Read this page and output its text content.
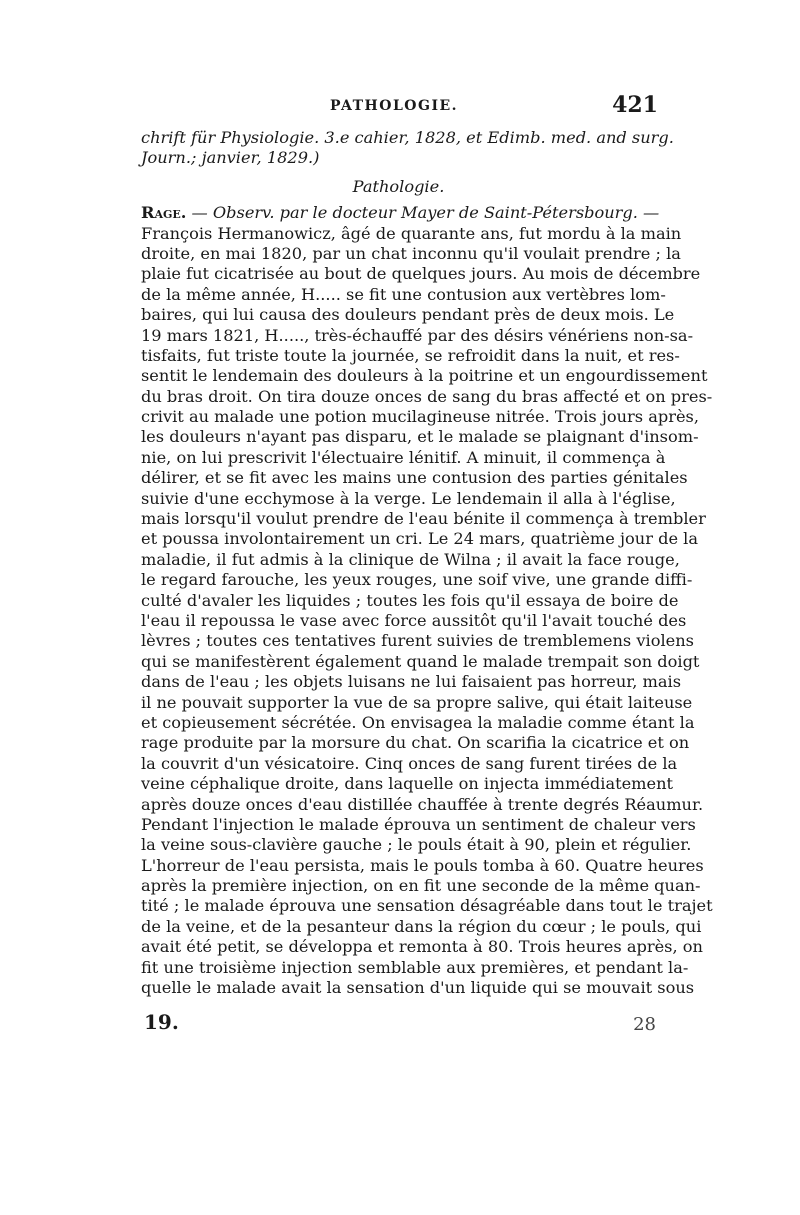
PATHOLOGIE.	421
chrift für Physiologie. 3.e cahier, 1828, et Edimb. med. and surg.
Journ.; janvier, 1829.)
Pathologie.
Rage. — Observ. par le docteur Mayer de Saint-Pétersbourg. —
François Hermanowicz, âgé de quarante ans, fut mordu à la main
droite, en mai 1820, par un chat inconnu qu'il voulait prendre ; la
plaie fut cicatrisée au bout de quelques jours. Au mois de décembre
de la même année, H..... se fit une contusion aux vertèbres lom-
baires, qui lui causa des douleurs pendant près de deux mois. Le
19 mars 1821, H....., très-échauffé par des désirs vénériens non-sa-
tisfaits, fut triste toute la journée, se refroidit dans la nuit, et res-
sentit le lendemain des douleurs à la poitrine et un engourdissement
du bras droit. On tira douze onces de sang du bras affecté et on pres-
crivit au malade une potion mucilagineuse nitrée. Trois jours après,
les douleurs n'ayant pas disparu, et le malade se plaignant d'insom-
nie, on lui prescrivit l'électuaire lénitif. A minuit, il commença à
délirer, et se fit avec les mains une contusion des parties génitales
suivie d'une ecchymose à la verge. Le lendemain il alla à l'église,
mais lorsqu'il voulut prendre de l'eau bénite il commença à trembler
et poussa involontairement un cri. Le 24 mars, quatrième jour de la
maladie, il fut admis à la clinique de Wilna ; il avait la face rouge,
le regard farouche, les yeux rouges, une soif vive, une grande diffi-
culté d'avaler les liquides ; toutes les fois qu'il essaya de boire de
l'eau il repoussa le vase avec force aussitôt qu'il l'avait touché des
lèvres ; toutes ces tentatives furent suivies de tremblemens violens
qui se manifestèrent également quand le malade trempait son doigt
dans de l'eau ; les objets luisans ne lui faisaient pas horreur, mais
il ne pouvait supporter la vue de sa propre salive, qui était laiteuse
et copieusement sécrétée. On envisagea la maladie comme étant la
rage produite par la morsure du chat. On scarifia la cicatrice et on
la couvrit d'un vésicatoire. Cinq onces de sang furent tirées de la
veine céphalique droite, dans laquelle on injecta immédiatement
après douze onces d'eau distillée chauffée à trente degrés Réaumur.
Pendant l'injection le malade éprouva un sentiment de chaleur vers
la veine sous-clavière gauche ; le pouls était à 90, plein et régulier.
L'horreur de l'eau persista, mais le pouls tomba à 60. Quatre heures
après la première injection, on en fit une seconde de la même quan-
tité ; le malade éprouva une sensation désagréable dans tout le trajet
de la veine, et de la pesanteur dans la région du cœur ; le pouls, qui
avait été petit, se développa et remonta à 80. Trois heures après, on
fit une troisième injection semblable aux premières, et pendant la-
quelle le malade avait la sensation d'un liquide qui se mouvait sous
19.	28
